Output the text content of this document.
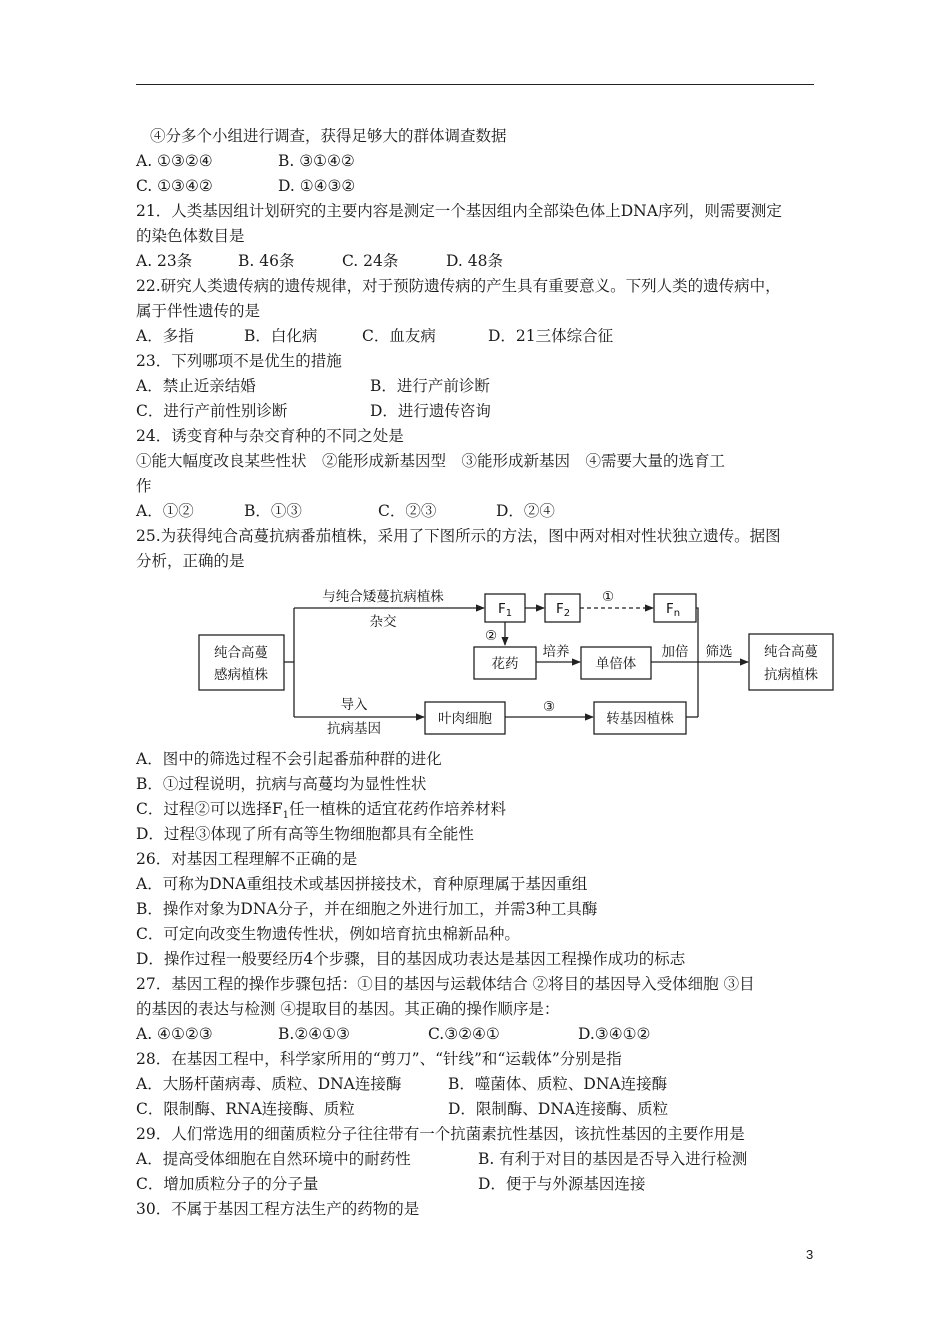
④分多个小组进行调查，获得足够大的群体调查数据
A. ①③②④	B. ③①④②
C. ①③④②	D. ①④③②
21．人类基因组计划研究的主要内容是测定一个基因组内全部染色体上DNA序列，则需要测定
的染色体数目是
A. 23条	B. 46条	C. 24条	D. 48条
22.研究人类遗传病的遗传规律，对于预防遗传病的产生具有重要意义。下列人类的遗传病中，
属于伴性遗传的是
A．多指	B．白化病	C．血友病	D．21三体综合征
23．下列哪项不是优生的措施
A．禁止近亲结婚	B．进行产前诊断
C．进行产前性别诊断	D．进行遗传咨询
24．诱变育种与杂交育种的不同之处是
①能大幅度改良某些性状　②能形成新基因型　③能形成新基因　④需要大量的选育工
作
A．①②	B．①③	C．②③	D．②④
25.为获得纯合高蔓抗病番茄植株，采用了下图所示的方法，图中两对相对性状独立遗传。据图
分析，正确的是
纯合高蔓
感病植株
与纯合矮蔓抗病植株
杂交
导入
抗病基因
$F_1$	$F_2$
①
$F_n$
②
花药
培养
单倍体
加倍
叶肉细胞
③
转基因植株
筛选 纯合高蔓
抗病植株
A．图中的筛选过程不会引起番茄种群的进化
B．①过程说明，抗病与高蔓均为显性性状
C．过程②可以选择$F_1$任一植株的适宜花药作培养材料
D．过程③体现了所有高等生物细胞都具有全能性
26．对基因工程理解不正确的是
A．可称为DNA重组技术或基因拼接技术，育种原理属于基因重组
B．操作对象为DNA分子，并在细胞之外进行加工，并需3种工具酶
C．可定向改变生物遗传性状，例如培育抗虫棉新品种。
D．操作过程一般要经历4个步骤，目的基因成功表达是基因工程操作成功的标志
27．基因工程的操作步骤包括：①目的基因与运载体结合 ②将目的基因导入受体细胞 ③目
的基因的表达与检测 ④提取目的基因。其正确的操作顺序是：
A. ④①②③	B.②④①③	C.③②④①	D.③④①②
28．在基因工程中，科学家所用的“剪刀”、“针线”和“运载体”分别是指
A．大肠杆菌病毒、质粒、DNA连接酶	B．噬菌体、质粒、DNA连接酶
C．限制酶、RNA连接酶、质粒	D．限制酶、DNA连接酶、质粒
29．人们常选用的细菌质粒分子往往带有一个抗菌素抗性基因，该抗性基因的主要作用是
A．提高受体细胞在自然环境中的耐药性	B. 有利于对目的基因是否导入进行检测
C．增加质粒分子的分子量	D．便于与外源基因连接
30．不属于基因工程方法生产的药物的是
3
